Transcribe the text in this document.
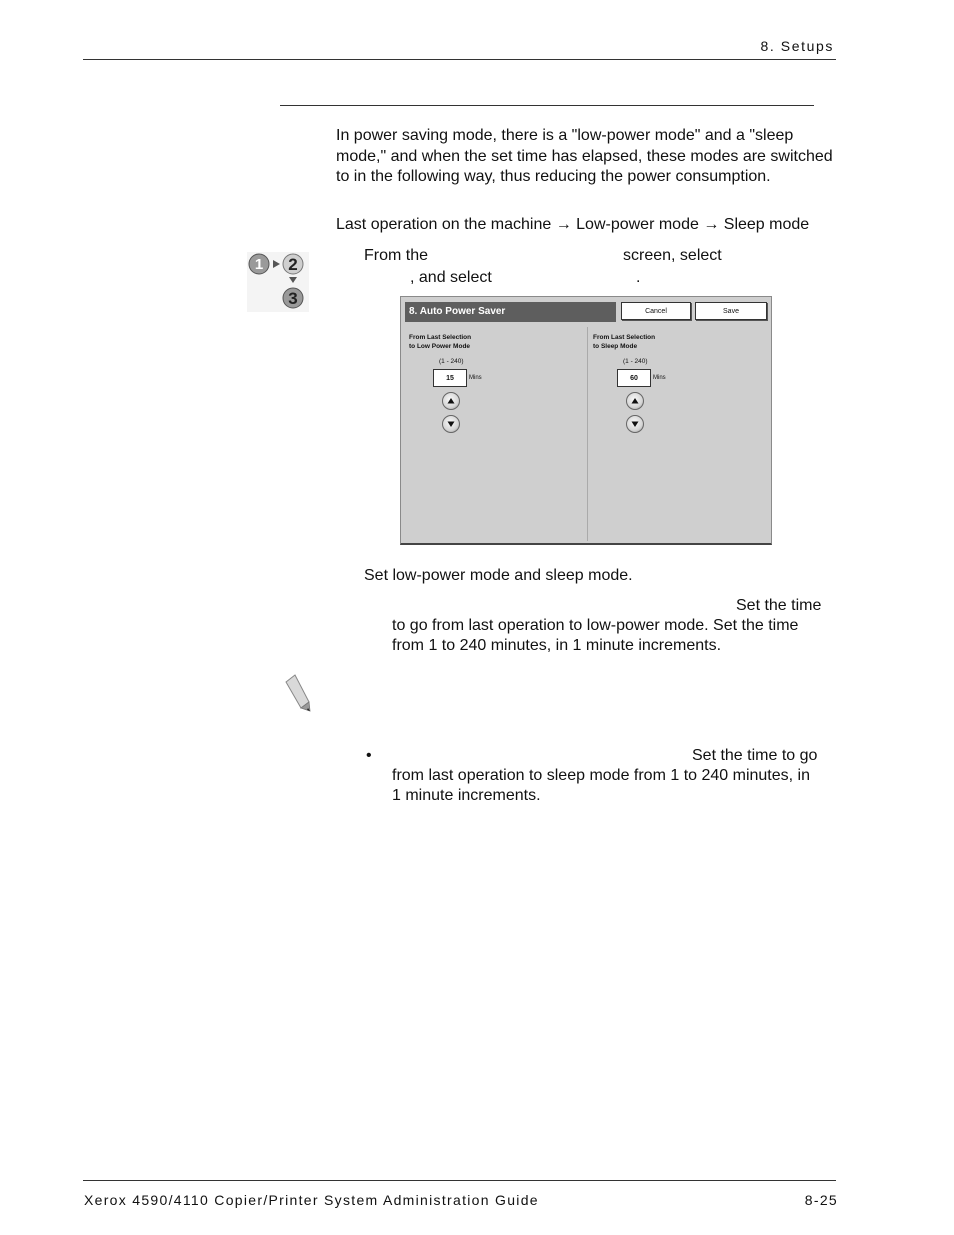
8. Setups
In power saving mode, there is a "low-power mode" and a "sleep mode," and when the set time has elapsed, these modes are switched to in the following way, thus reducing the power consumption.
Last operation on the machine → Low-power mode → Sleep mode
1 2
3
From the	screen, select
, and select	.
8. Auto Power Saver	Cancel	Save
From Last Selection
to Low Power Mode
(1 - 240)
15	Mins
From Last Selection
to Sleep Mode
(1 - 240)
60	Mins
Set low-power mode and sleep mode.
Set the time
to go from last operation to low-power mode. Set the time
from 1 to 240 minutes, in 1 minute increments.
•	Set the time to go
from last operation to sleep mode from 1 to 240 minutes, in
1 minute increments.
Xerox 4590/4110 Copier/Printer System Administration Guide	8-25
